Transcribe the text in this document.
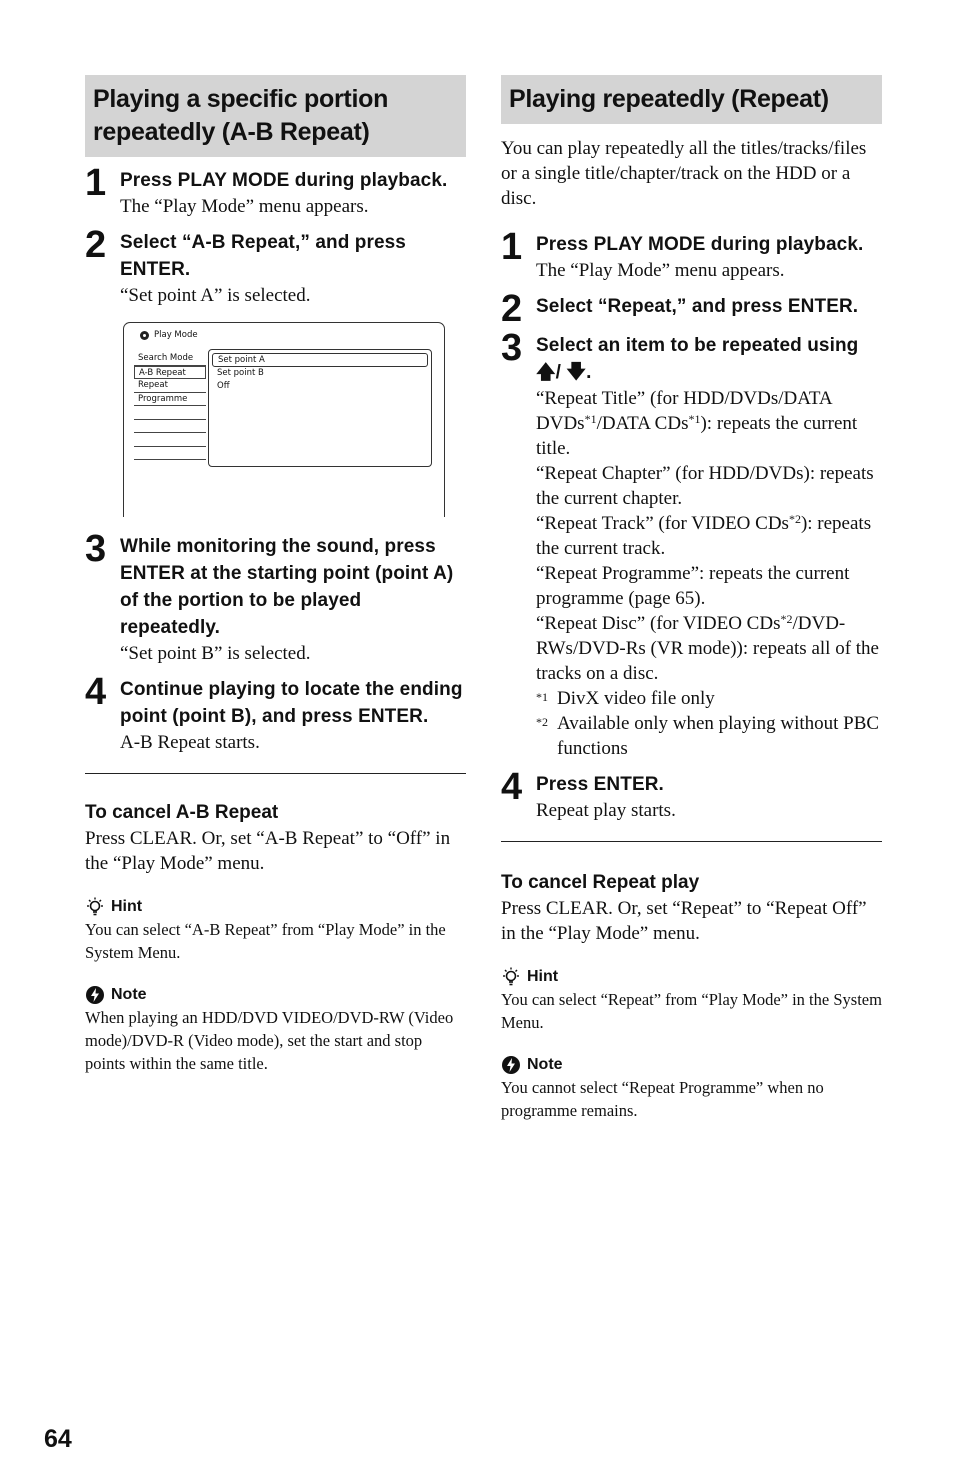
Playing a specific portion repeatedly (A-B Repeat)
1 Press PLAY MODE during playback.
The “Play Mode” menu appears.
2 Select “A-B Repeat,” and press ENTER.
“Set point A” is selected.
Play Mode
Search Mode
A-B Repeat
Repeat
Programme
Set point A
Set point B
Off
3 While monitoring the sound, press ENTER at the starting point (point A) of the portion to be played repeatedly.
“Set point B” is selected.
4 Continue playing to locate the ending point (point B), and press ENTER.
A-B Repeat starts.
To cancel A-B Repeat
Press CLEAR. Or, set “A-B Repeat” to “Off” in the “Play Mode” menu.
Hint
You can select “A-B Repeat” from “Play Mode” in the System Menu.
Note
When playing an HDD/DVD VIDEO/DVD-RW (Video mode)/DVD-R (Video mode), set the start and stop points within the same title.
Playing repeatedly (Repeat)
You can play repeatedly all the titles/tracks/files or a single title/chapter/track on the HDD or a disc.
1 Press PLAY MODE during playback.
The “Play Mode” menu appears.
2 Select “Repeat,” and press ENTER.
3 Select an item to be repeated using 🡅/ 🡇.
“Repeat Title” (for HDD/DVDs/DATA DVDs$^{*1}$/DATA CDs$^{*1}$): repeats the current title.
“Repeat Chapter” (for HDD/DVDs): repeats the current chapter.
“Repeat Track” (for VIDEO CDs$^{*2}$): repeats the current track.
“Repeat Programme”: repeats the current programme (page 65).
“Repeat Disc” (for VIDEO CDs$^{*2}$/DVD-RWs/DVD-Rs (VR mode)): repeats all of the tracks on a disc.
*1 DivX video file only
*2 Available only when playing without PBC functions
4 Press ENTER.
Repeat play starts.
To cancel Repeat play
Press CLEAR. Or, set “Repeat” to “Repeat Off” in the “Play Mode” menu.
Hint
You can select “Repeat” from “Play Mode” in the System Menu.
Note
You cannot select “Repeat Programme” when no programme remains.
64
